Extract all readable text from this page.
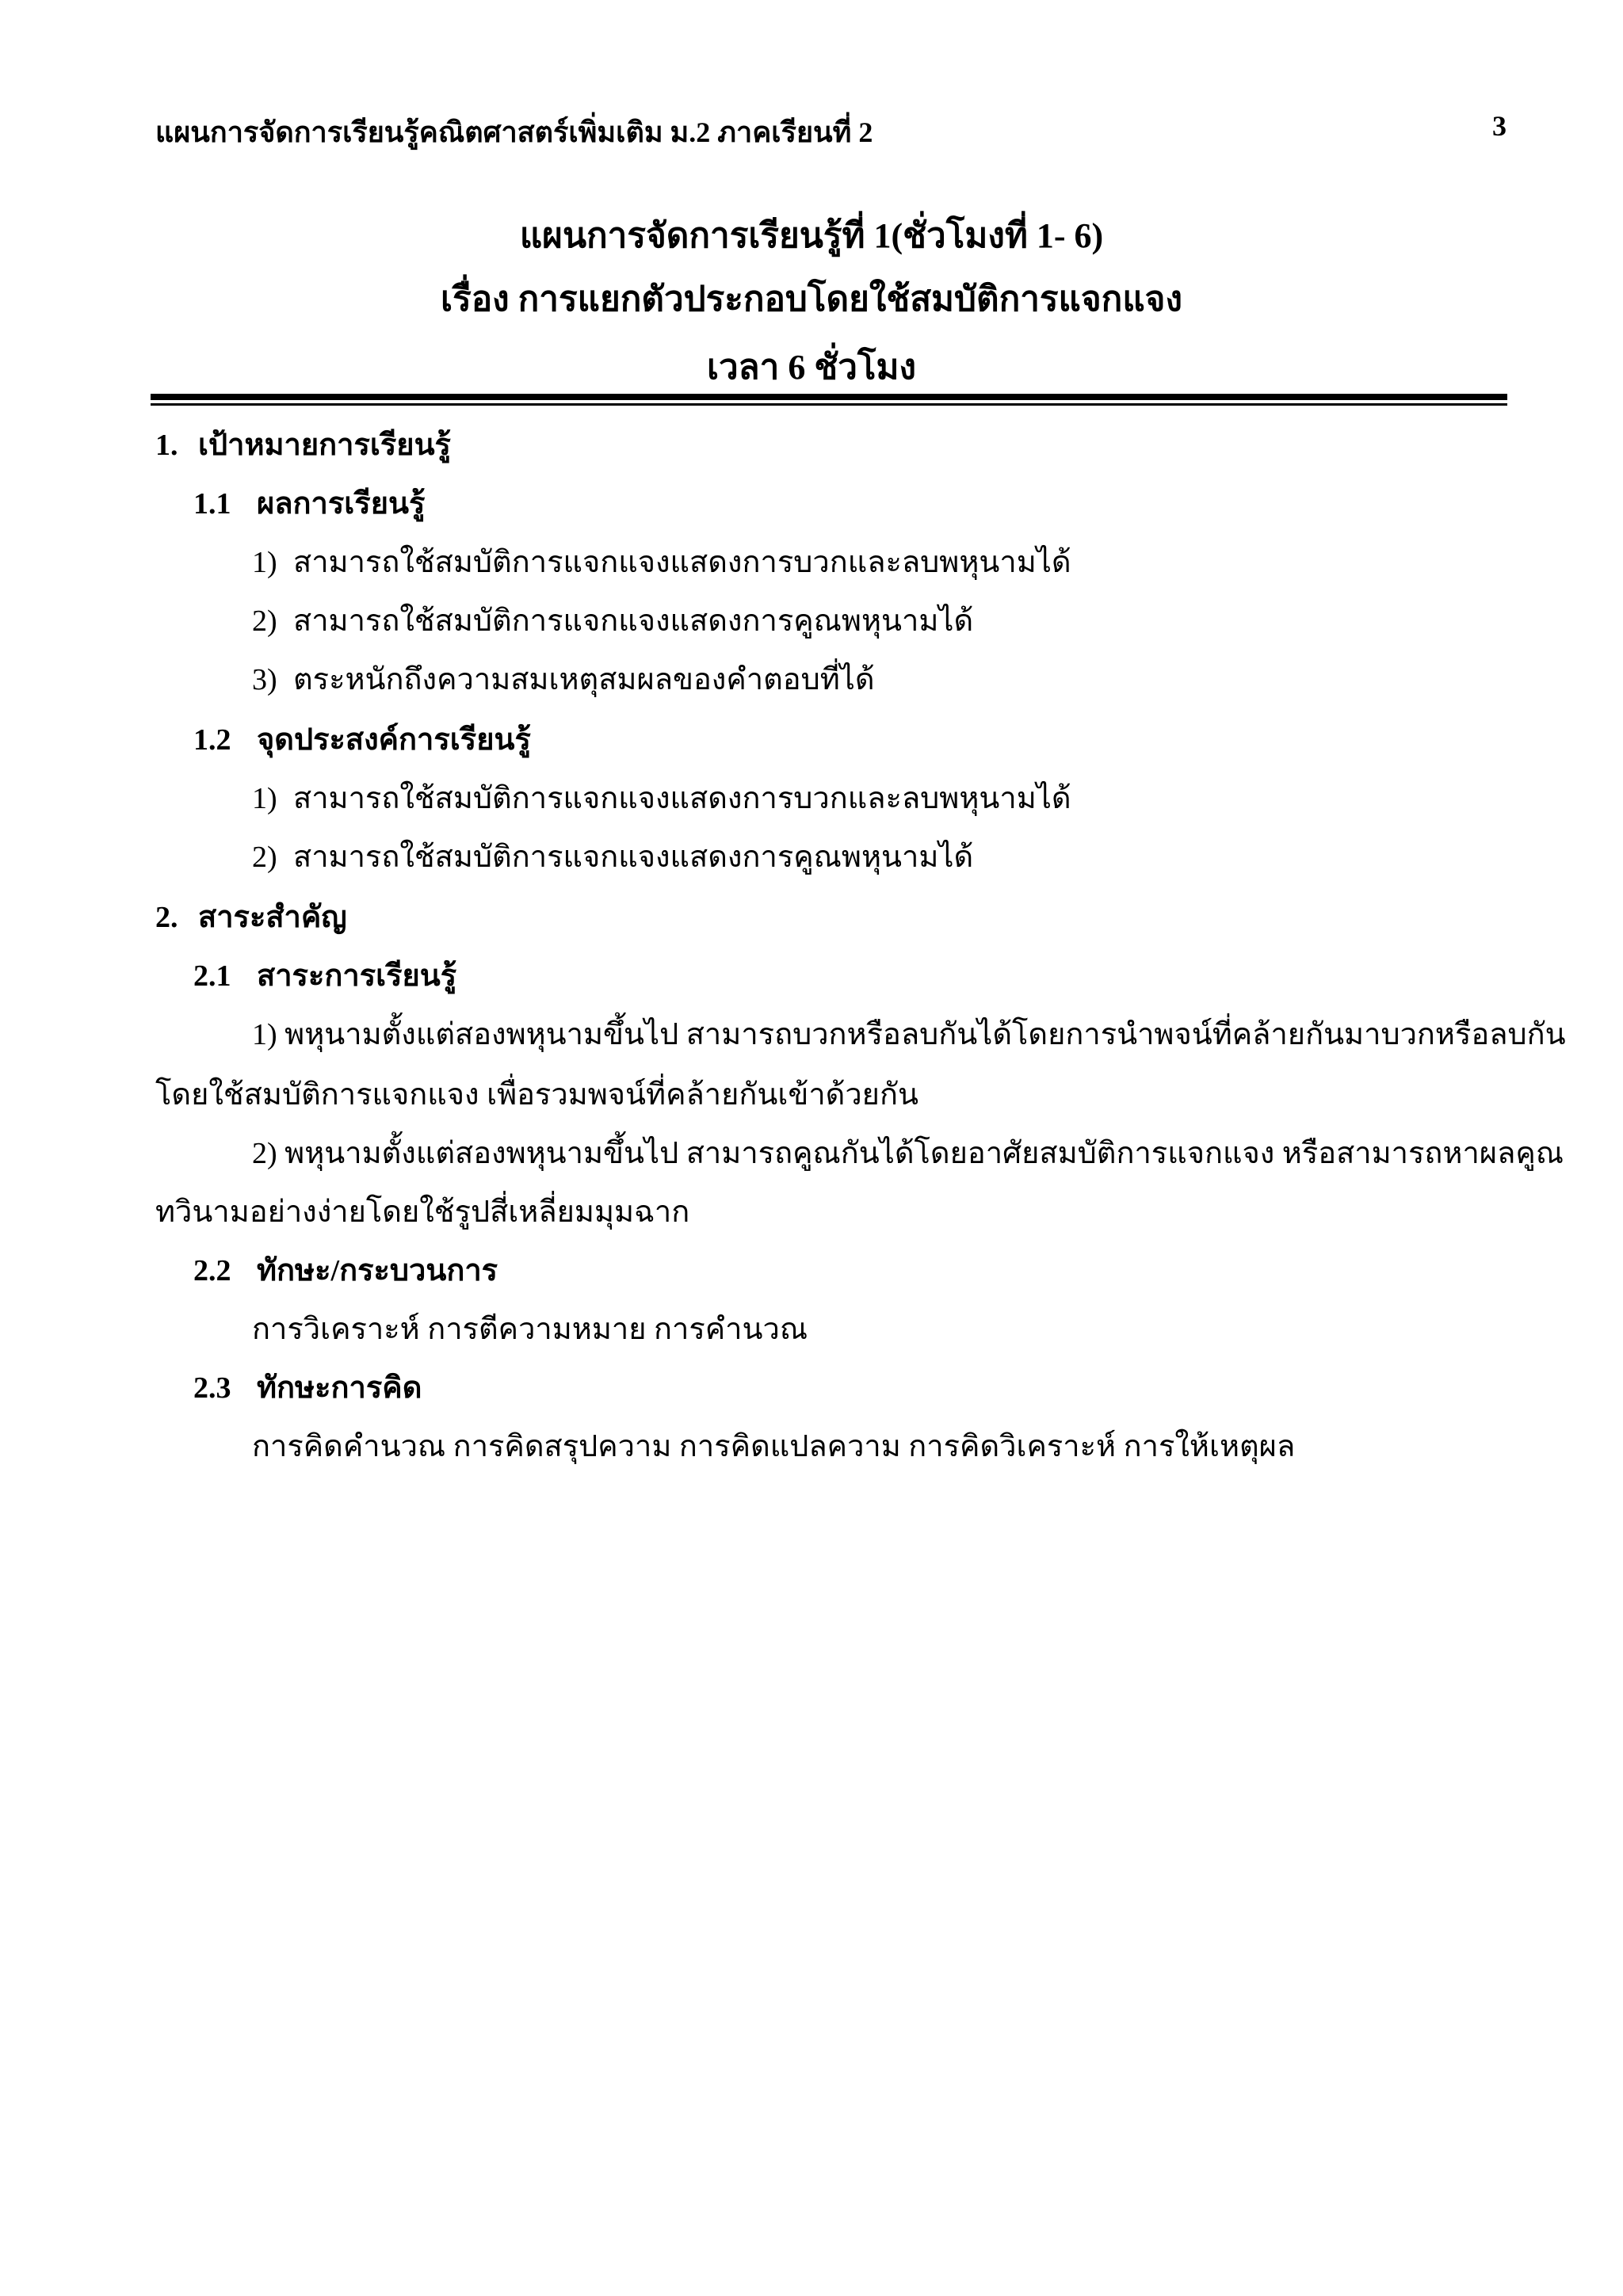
แผนการจัดการเรียนรู้คณิตศาสตร์เพิ่มเติม ม.2 ภาคเรียนที่ 2	3
แผนการจัดการเรียนรู้ที่ 1(ชั่วโมงที่ 1- 6)
เรื่อง การแยกตัวประกอบโดยใช้สมบัติการแจกแจง
เวลา 6 ชั่วโมง
1. เป้าหมายการเรียนรู้
1.1 ผลการเรียนรู้
1) สามารถใช้สมบัติการแจกแจงแสดงการบวกและลบพหุนามได้
2) สามารถใช้สมบัติการแจกแจงแสดงการคูณพหุนามได้
3) ตระหนักถึงความสมเหตุสมผลของคำตอบที่ได้
1.2 จุดประสงค์การเรียนรู้
1) สามารถใช้สมบัติการแจกแจงแสดงการบวกและลบพหุนามได้
2) สามารถใช้สมบัติการแจกแจงแสดงการคูณพหุนามได้
2. สาระสำคัญ
2.1 สาระการเรียนรู้
1) พหุนามตั้งแต่สองพหุนามขึ้นไป สามารถบวกหรือลบกันได้โดยการนำพจน์ที่คล้ายกันมาบวกหรือลบกัน
โดยใช้สมบัติการแจกแจง เพื่อรวมพจน์ที่คล้ายกันเข้าด้วยกัน
2) พหุนามตั้งแต่สองพหุนามขึ้นไป สามารถคูณกันได้โดยอาศัยสมบัติการแจกแจง หรือสามารถหาผลคูณ
ทวินามอย่างง่ายโดยใช้รูปสี่เหลี่ยมมุมฉาก
2.2 ทักษะ/กระบวนการ
การวิเคราะห์ การตีความหมาย การคำนวณ
2.3 ทักษะการคิด
การคิดคำนวณ การคิดสรุปความ การคิดแปลความ การคิดวิเคราะห์ การให้เหตุผล
